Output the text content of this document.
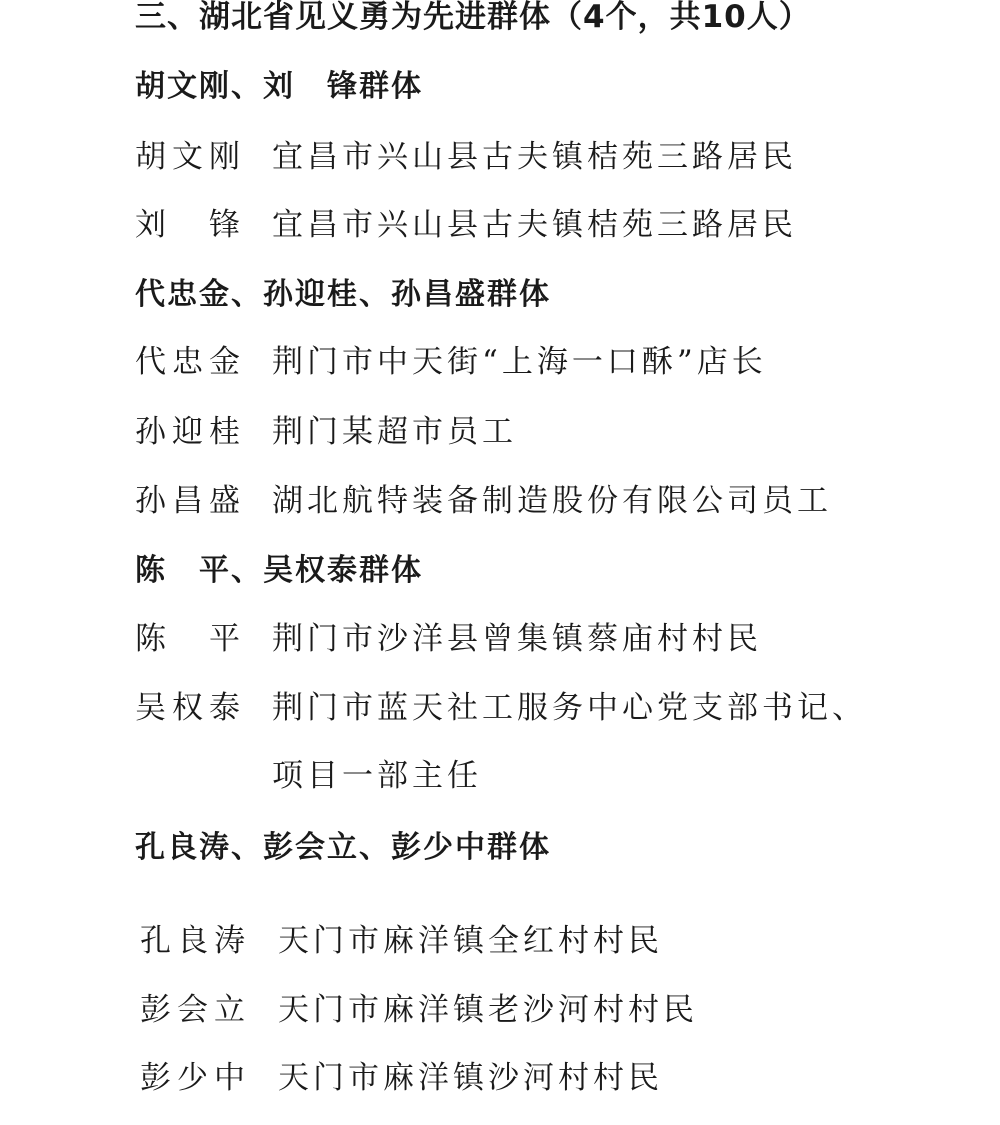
三、湖北省见义勇为先进群体（4个，共10人）
胡文刚、刘　锋群体
胡文刚 宜昌市兴山县古夫镇桔苑三路居民
刘　锋 宜昌市兴山县古夫镇桔苑三路居民
代忠金、孙迎桂、孙昌盛群体
代忠金 荆门市中天街“上海一口酥”店长
孙迎桂 荆门某超市员工
孙昌盛 湖北航特装备制造股份有限公司员工
陈　平、吴权泰群体
陈　平 荆门市沙洋县曾集镇蔡庙村村民
吴权泰 荆门市蓝天社工服务中心党支部书记、
项目一部主任
孔良涛、彭会立、彭少中群体
孔良涛 天门市麻洋镇全红村村民
彭会立 天门市麻洋镇老沙河村村民
彭少中 天门市麻洋镇沙河村村民
